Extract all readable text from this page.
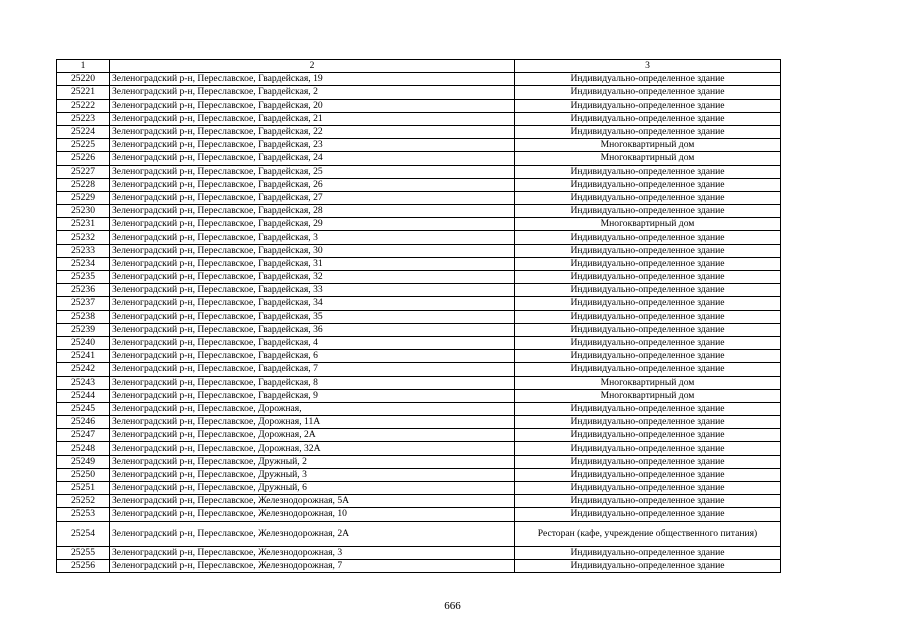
1	2	3
25220	Зеленоградский р-н, Переславское, Гвардейская, 19	Индивидуально-определенное здание
25221	Зеленоградский р-н, Переславское, Гвардейская, 2	Индивидуально-определенное здание
25222	Зеленоградский р-н, Переславское, Гвардейская, 20	Индивидуально-определенное здание
25223	Зеленоградский р-н, Переславское, Гвардейская, 21	Индивидуально-определенное здание
25224	Зеленоградский р-н, Переславское, Гвардейская, 22	Индивидуально-определенное здание
25225	Зеленоградский р-н, Переславское, Гвардейская, 23	Многоквартирный дом
25226	Зеленоградский р-н, Переславское, Гвардейская, 24	Многоквартирный дом
25227	Зеленоградский р-н, Переславское, Гвардейская, 25	Индивидуально-определенное здание
25228	Зеленоградский р-н, Переславское, Гвардейская, 26	Индивидуально-определенное здание
25229	Зеленоградский р-н, Переславское, Гвардейская, 27	Индивидуально-определенное здание
25230	Зеленоградский р-н, Переславское, Гвардейская, 28	Индивидуально-определенное здание
25231	Зеленоградский р-н, Переславское, Гвардейская, 29	Многоквартирный дом
25232	Зеленоградский р-н, Переславское, Гвардейская, 3	Индивидуально-определенное здание
25233	Зеленоградский р-н, Переславское, Гвардейская, 30	Индивидуально-определенное здание
25234	Зеленоградский р-н, Переславское, Гвардейская, 31	Индивидуально-определенное здание
25235	Зеленоградский р-н, Переславское, Гвардейская, 32	Индивидуально-определенное здание
25236	Зеленоградский р-н, Переславское, Гвардейская, 33	Индивидуально-определенное здание
25237	Зеленоградский р-н, Переславское, Гвардейская, 34	Индивидуально-определенное здание
25238	Зеленоградский р-н, Переславское, Гвардейская, 35	Индивидуально-определенное здание
25239	Зеленоградский р-н, Переславское, Гвардейская, 36	Индивидуально-определенное здание
25240	Зеленоградский р-н, Переславское, Гвардейская, 4	Индивидуально-определенное здание
25241	Зеленоградский р-н, Переславское, Гвардейская, 6	Индивидуально-определенное здание
25242	Зеленоградский р-н, Переславское, Гвардейская, 7	Индивидуально-определенное здание
25243	Зеленоградский р-н, Переславское, Гвардейская, 8	Многоквартирный дом
25244	Зеленоградский р-н, Переславское, Гвардейская, 9	Многоквартирный дом
25245	Зеленоградский р-н, Переславское, Дорожная,	Индивидуально-определенное здание
25246	Зеленоградский р-н, Переславское, Дорожная, 11А	Индивидуально-определенное здание
25247	Зеленоградский р-н, Переславское, Дорожная, 2А	Индивидуально-определенное здание
25248	Зеленоградский р-н, Переславское, Дорожная, 32А	Индивидуально-определенное здание
25249	Зеленоградский р-н, Переславское, Дружный, 2	Индивидуально-определенное здание
25250	Зеленоградский р-н, Переславское, Дружный, 3	Индивидуально-определенное здание
25251	Зеленоградский р-н, Переславское, Дружный, 6	Индивидуально-определенное здание
25252	Зеленоградский р-н, Переславское, Железнодорожная, 5А	Индивидуально-определенное здание
25253	Зеленоградский р-н, Переславское, Железнодорожная, 10	Индивидуально-определенное здание
25254	Зеленоградский р-н, Переславское, Железнодорожная, 2А	Ресторан (кафе, учреждение общественного питания)
25255	Зеленоградский р-н, Переславское, Железнодорожная, 3	Индивидуально-определенное здание
25256	Зеленоградский р-н, Переславское, Железнодорожная, 7	Индивидуально-определенное здание
666
